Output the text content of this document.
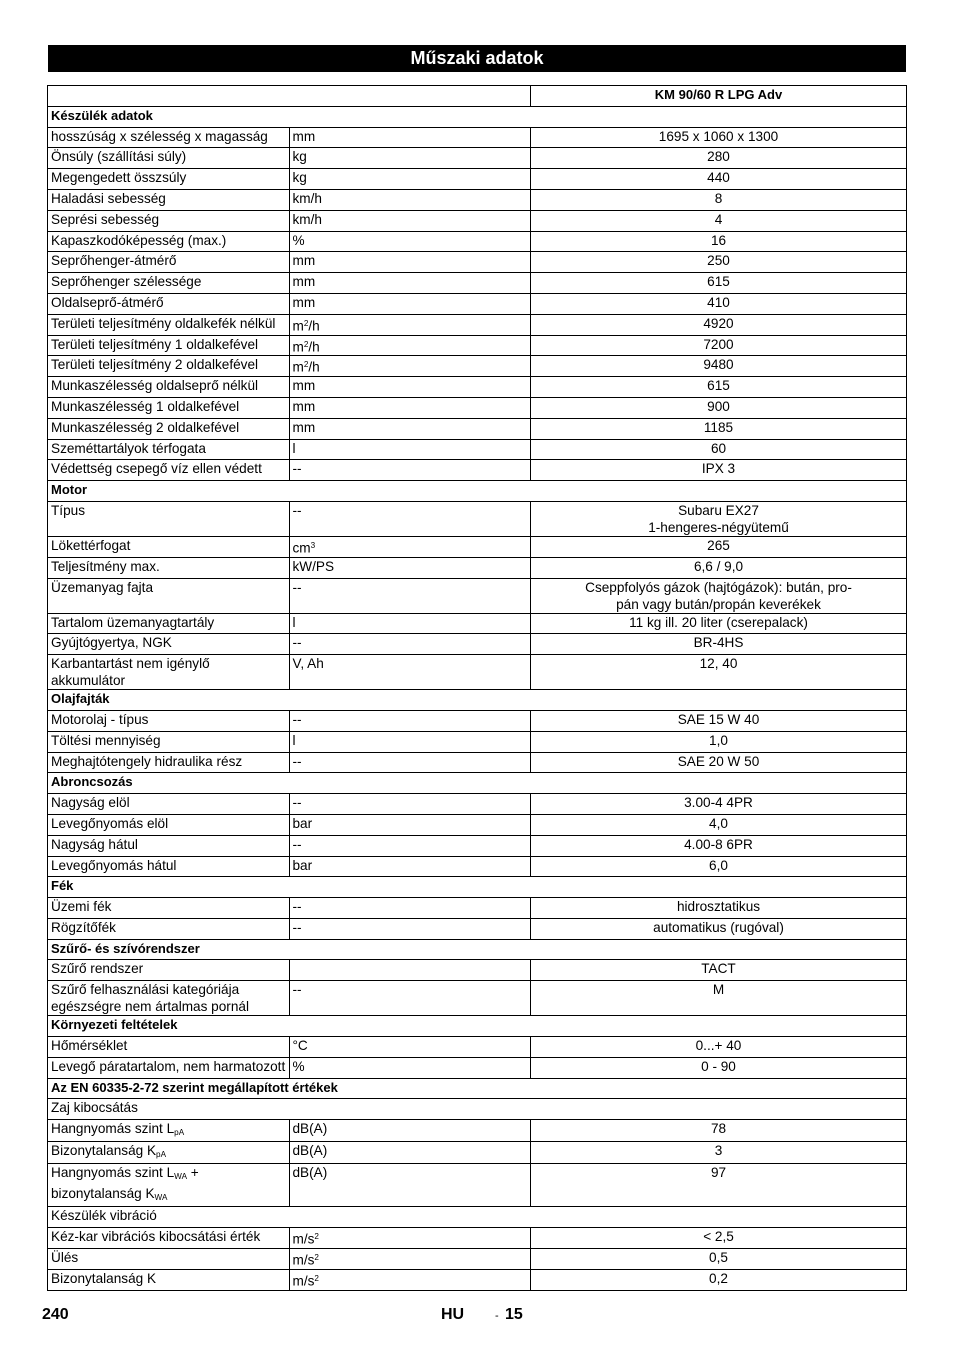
Műszaki adatok
		KM 90/60 R LPG Adv
Készülék adatok		
hosszúság x szélesség x magasság	mm	1695 x 1060 x 1300

Önsúly (szállítási súly)	kg	280

Megengedett összsúly	kg	440

Haladási sebesség	km/h	8

Seprési sebesség	km/h	4

Kapaszkodóképesség (max.)	%	16

Seprőhenger-átmérő	mm	250

Seprőhenger szélessége	mm	615

Oldalseprő-átmérő	mm	410

Területi teljesítmény oldalkefék nélkül	$m^2/h$	4920

Területi teljesítmény 1 oldalkefével	$m^2/h$	7200

Területi teljesítmény 2 oldalkefével	$m^2/h$	9480

Munkaszélesség oldalseprő nélkül	mm	615

Munkaszélesség 1 oldalkefével	mm	900

Munkaszélesség 2 oldalkefével	mm	1185

Szeméttartályok térfogata	l	60

Védettség csepegő víz ellen védett	--	IPX 3

Motor		
Típus	--	Subaru EX27
1-hengeres-négyütemű

Lökettérfogat	$cm^3$	265

Teljesítmény max.	kW/PS	6,6 / 9,0

Üzemanyag fajta	--	Cseppfolyós gázok (hajtógázok): bután, pro-
pán vagy bután/propán keverékek

Tartalom üzemanyagtartály	l	11 kg ill. 20 liter (cserepalack)

Gyújtógyertya, NGK	--	BR-4HS

Karbantartást nem igénylő akkumulátor	V, Ah	12, 40

Olajfajták		
Motorolaj - típus	--	SAE 15 W 40

Töltési mennyiség	l	1,0

Meghajtótengely hidraulika rész	--	SAE 20 W 50

Abroncsozás		
Nagyság elöl	--	3.00-4 4PR

Levegőnyomás elöl	bar	4,0

Nagyság hátul	--	4.00-8 6PR

Levegőnyomás hátul	bar	6,0

Fék		
Üzemi fék	--	hidrosztatikus

Rögzítőfék	--	automatikus (rugóval)

Szűrő- és szívórendszer		
Szűrő rendszer		TACT

Szűrő felhasználási kategóriája egészségre nem ártalmas pornál	--	M

Környezeti feltételek		
Hőmérséklet	°C	0...+ 40

Levegő páratartalom, nem harmatozott	%	0 - 90

Az EN 60335-2-72 szerint megállapított értékek		
Zaj kibocsátás		
Hangnyomás szint $L_{pA}$	dB(A)	78

Bizonytalanság $K_{pA}$	dB(A)	3

Hangnyomás szint $L_{WA}$ + bizonytalanság $K_{WA}$	dB(A)	97

Készülék vibráció		
Kéz-kar vibrációs kibocsátási érték	$m/s^2$	< 2,5

Ülés	$m/s^2$	0,5

Bizonytalanság K	$m/s^2$	0,2
240	HU	- 15
